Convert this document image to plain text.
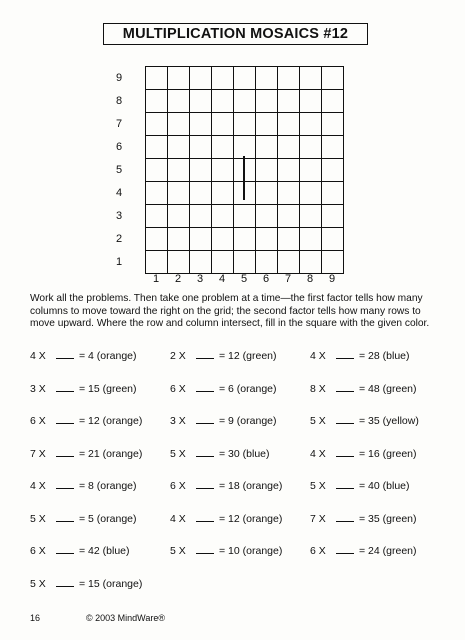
MULTIPLICATION MOSAICS #12
9
8
7
6
5
4
3
2
1
1	2	3	4	5	6	7	8	9
Work all the problems. Then take one problem at a time—the first factor tells how many columns to move toward the right on the grid; the second factor tells how many rows to move upward. Where the row and column intersect, fill in the square with the given color.
4 X	= 4 (orange)	2 X	= 12 (green)	4 X	= 28 (blue)
3 X	= 15 (green)	6 X	= 6 (orange)	8 X	= 48 (green)
6 X	= 12 (orange)	3 X	= 9 (orange)	5 X	= 35 (yellow)
7 X	= 21 (orange)	5 X	= 30 (blue)	4 X	= 16 (green)
4 X	= 8 (orange)	6 X	= 18 (orange)	5 X	= 40 (blue)
5 X	= 5 (orange)	4 X	= 12 (orange)	7 X	= 35 (green)
6 X	= 42 (blue)	5 X	= 10 (orange)	6 X	= 24 (green)
5 X	= 15 (orange)
16	© 2003 MindWare®
